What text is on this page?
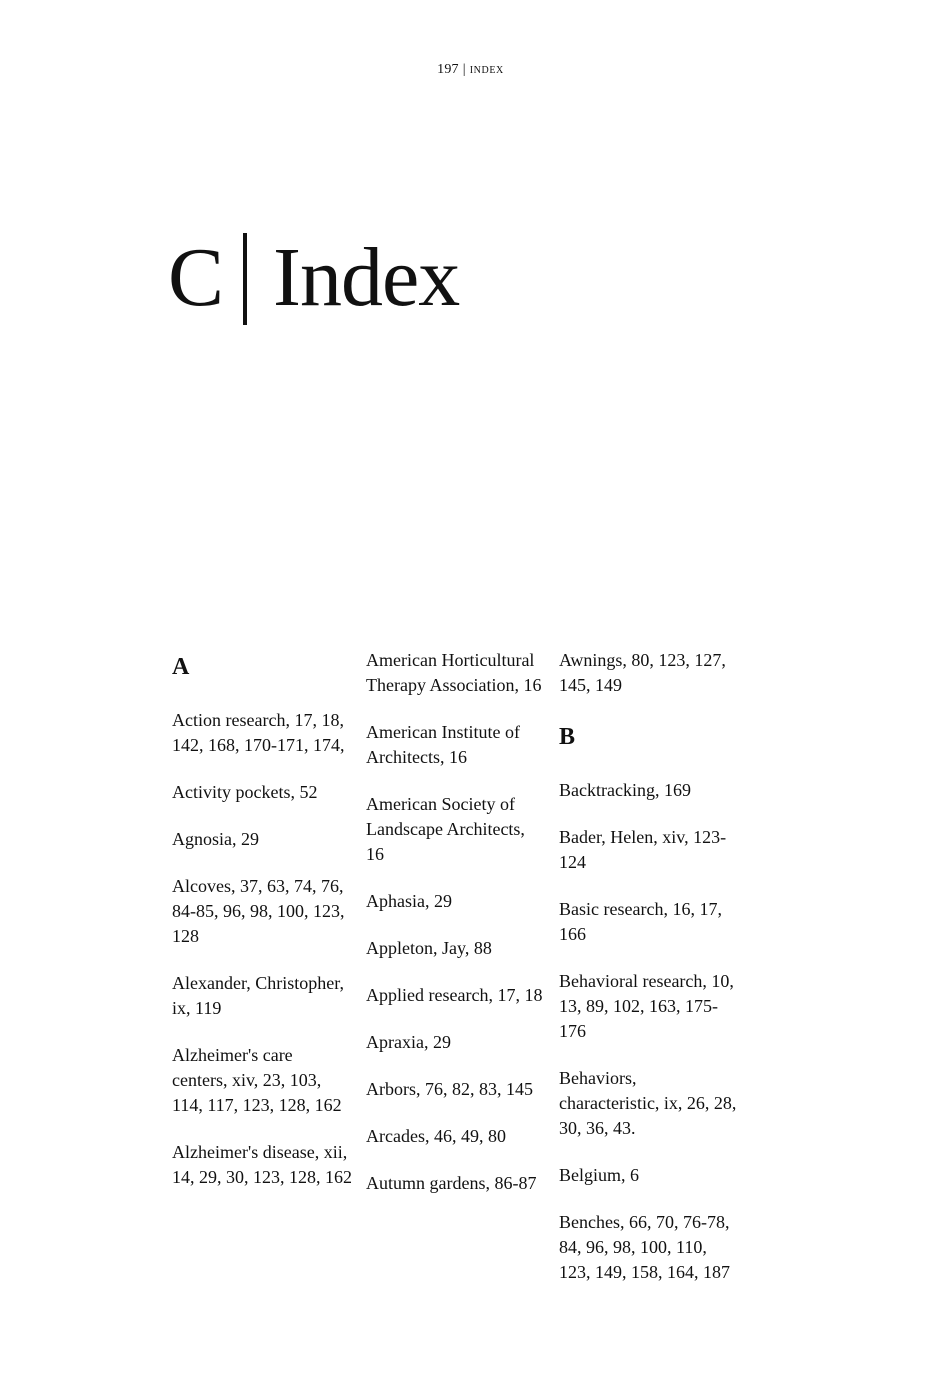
197 | INDEX
C Index
A
Action research, 17, 18, 142, 168, 170-171, 174,
Activity pockets, 52
Agnosia, 29
Alcoves, 37, 63, 74, 76, 84-85, 96, 98, 100, 123, 128
Alexander, Christopher, ix, 119
Alzheimer's care centers, xiv, 23, 103, 114, 117, 123, 128, 162
Alzheimer's disease, xii, 14, 29, 30, 123, 128, 162
American Horticultural Therapy Association, 16
American Institute of Architects, 16
American Society of Landscape Architects, 16
Aphasia, 29
Appleton, Jay, 88
Applied research, 17, 18
Apraxia, 29
Arbors, 76, 82, 83, 145
Arcades, 46, 49, 80
Autumn gardens, 86-87
Awnings, 80, 123, 127, 145, 149
B
Backtracking, 169
Bader, Helen, xiv, 123-124
Basic research, 16, 17, 166
Behavioral research, 10, 13, 89, 102, 163, 175-176
Behaviors, characteristic, ix, 26, 28, 30, 36, 43.
Belgium, 6
Benches, 66, 70, 76-78, 84, 96, 98, 100, 110, 123, 149, 158, 164, 187
